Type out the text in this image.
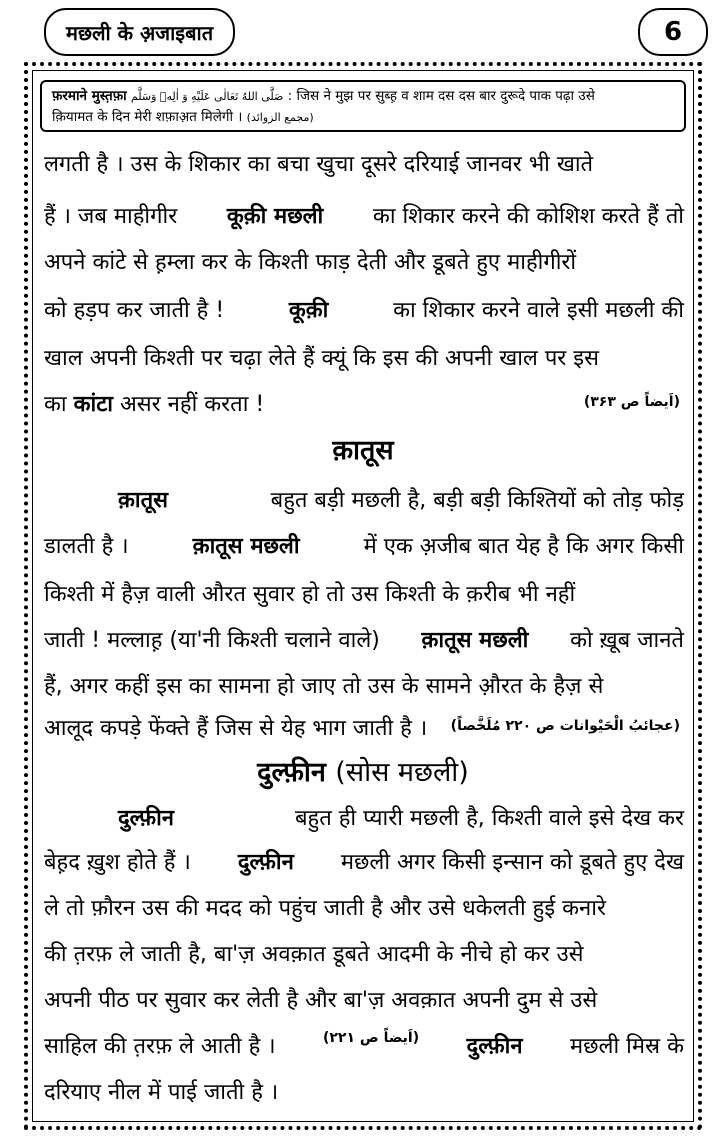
मछली के अ़जाइबात	6
फ़रमाने मुस्त़फ़ा صَلَّى اللهُ تَعَالٰی عَلَيْهِ وَ اٰلِهٖ وَسَلَّم : जिस ने मुझ पर सुब्ह़ व शाम दस दस बार दुरूदे पाक पढ़ा उसे
क़ियामत के दिन मेरी शफ़ाअ़त मिलेगी । (مجمع الزوائد)
लगती है । उस के शिकार का बचा खुचा दूसरे दरियाई जानवर भी खाते
हैं । जब माहीगीर कूक़ी मछली का शिकार करने की कोशिश करते हैं तो
अपने कांटे से ह़म्ला कर के किश्ती फाड़ देती और डूबते हुए माहीगीरों
को हड़प कर जाती है !	कूक़ी	का शिकार करने वाले इसी मछली की
खाल अपनी किश्ती पर चढ़ा लेते हैं क्यूं कि इस की अपनी खाल पर इस
का कांटा असर नहीं करता !	(اَیضاً ص ۳۶۳)
क़ातूस
क़ातूस	बहुत बड़ी मछली है, बड़ी बड़ी किश्तियों को तोड़ फोड़
डालती है ।	क़ातूस मछली	में एक अ़जीब बात येह है कि अगर किसी
किश्ती में हैज़ वाली औरत सुवार हो तो उस किश्ती के क़रीब भी नहीं
जाती ! मल्लाह़ (या'नी किश्ती चलाने वाले) क़ातूस मछली को ख़ूब जानते
हैं, अगर कहीं इस का सामना हो जाए तो उस के सामने औ़रत के हैज़ से
आलूद कपड़े फेंक्ते हैं जिस से येह भाग जाती है । (عجائبُ الْحَیْوانات ص ۲۲۰ مُلَخَّصاً)
दुल्फ़ीन (सोस मछली)
दुल्फ़ीन	बहुत ही प्यारी मछली है, किश्ती वाले इसे देख कर
बेह़द ख़ुश होते हैं । दुल्फ़ीन मछली अगर किसी इन्सान को डूबते हुए देख
ले तो फ़ौरन उस की मदद को पहुंच जाती है और उसे धकेलती हुई कनारे
की त़रफ़ ले जाती है, बा'ज़ अवक़ात डूबते आदमी के नीचे हो कर उसे
अपनी पीठ पर सुवार कर लेती है और बा'ज़ अवक़ात अपनी दुम से उसे
साहिल की त़रफ़ ले आती है ।	(اَیضاً ص ۲۲۱) दुल्फ़ीन मछली मिस्र के
दरियाए नील में पाई जाती है ।
